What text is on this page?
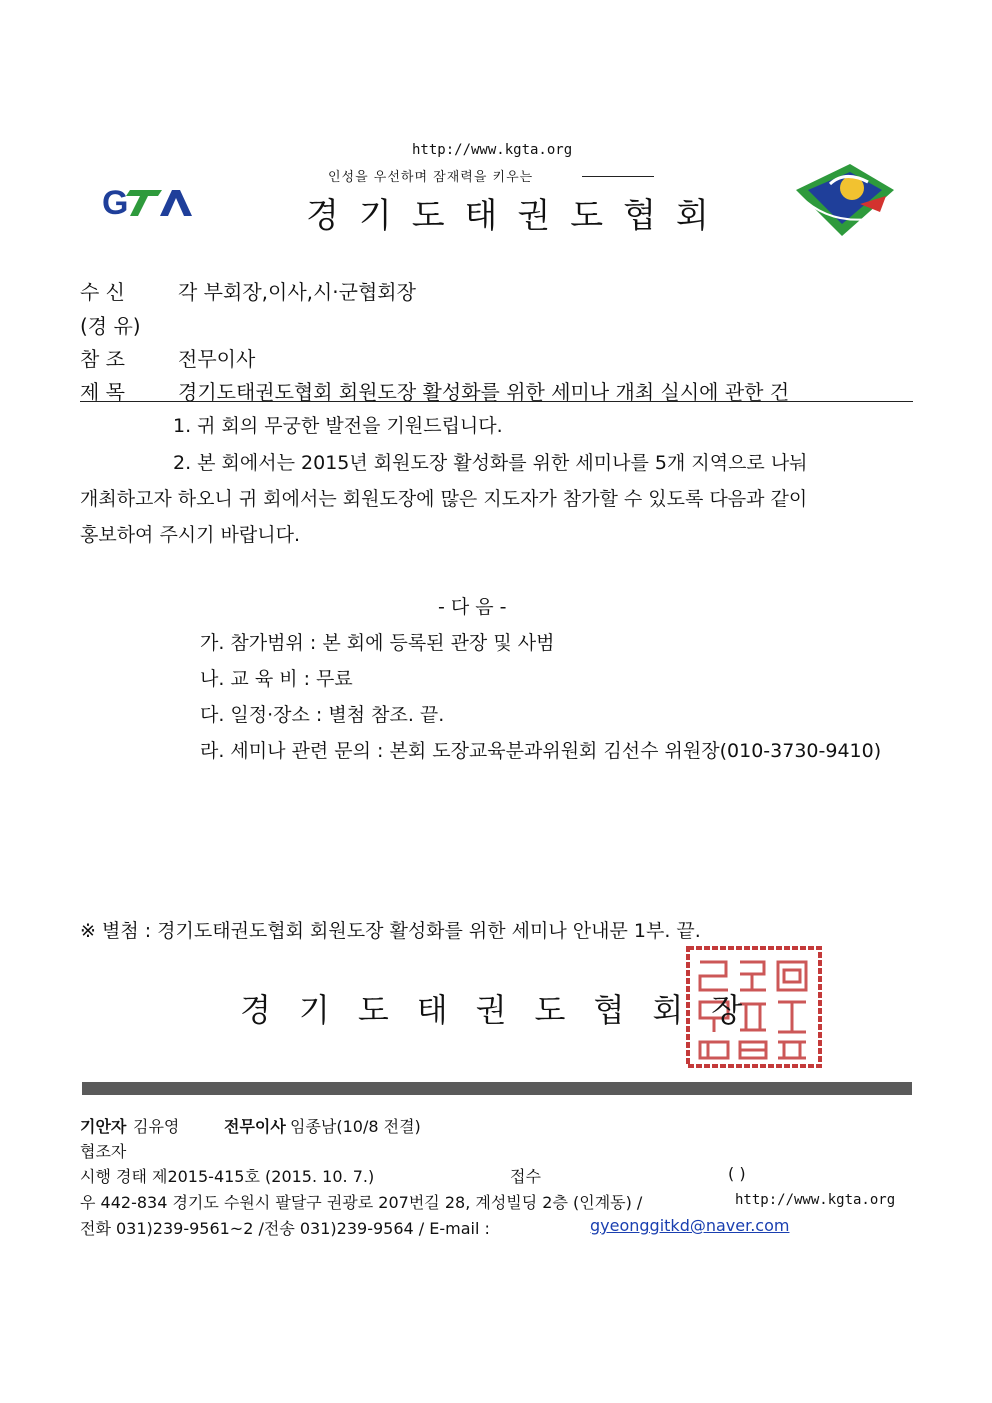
http://www.kgta.org
인성을 우선하며 잠재력을 키우는
경기도태권도협회
G
수 신	각 부회장,이사,시·군협회장
(경 유)
참 조	전무이사
제 목	경기도태권도협회 회원도장 활성화를 위한 세미나 개최 실시에 관한 건
1. 귀 회의 무궁한 발전을 기원드립니다.
2. 본 회에서는 2015년 회원도장 활성화를 위한 세미나를 5개 지역으로 나눠
개최하고자 하오니 귀 회에서는 회원도장에 많은 지도자가 참가할 수 있도록 다음과 같이
홍보하여 주시기 바랍니다.
- 다 음 -
가. 참가범위 : 본 회에 등록된 관장 및 사범
나. 교 육 비 : 무료
다. 일정·장소 : 별첨 참조. 끝.
라. 세미나 관련 문의 : 본회 도장교육분과위원회 김선수 위원장(010-3730-9410)
※ 별첨 : 경기도태권도협회 회원도장 활성화를 위한 세미나 안내문 1부. 끝.
경기도태권도협회장
기안자 김유영	전무이사 임종남(10/8 전결)
협조자
시행 경태 제2015-415호 (2015. 10. 7.)	접수	( )
우 442-834 경기도 수원시 팔달구 권광로 207번길 28, 계성빌딩 2층 (인계동) /	http://www.kgta.org
전화 031)239-9561~2 /전송 031)239-9564 / E-mail :	gyeonggitkd@naver.com
